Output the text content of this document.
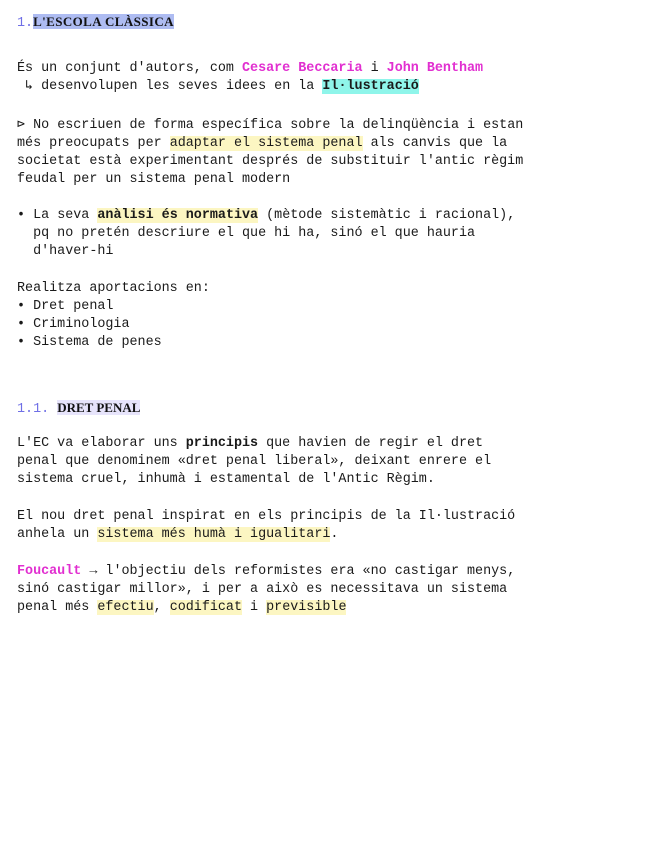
1.L'ESCOLA CLÀSSICA
És un conjunt d'autors, com Cesare Beccaria i John Bentham
↳ desenvolupen les seves idees en la Il·lustració
⊳ No escriuen de forma específica sobre la delinqüència i estan
més preocupats per adaptar el sistema penal als canvis que la
societat està experimentant després de substituir l'antic règim
feudal per un sistema penal modern
• La seva anàlisi és normativa (mètode sistemàtic i racional),
pq no pretén descriure el que hi ha, sinó el que hauria
d'haver-hi
Realitza aportacions en:
• Dret penal
• Criminologia
• Sistema de penes
1.1. DRET PENAL
L'EC va elaborar uns principis que havien de regir el dret
penal que denominem «dret penal liberal», deixant enrere el
sistema cruel, inhumà i estamental de l'Antic Règim.
El nou dret penal inspirat en els principis de la Il·lustració
anhela un sistema més humà i igualitari.
Foucault → l'objectiu dels reformistes era «no castigar menys,
sinó castigar millor», i per a això es necessitava un sistema
penal més efectiu, codificat i previsible
